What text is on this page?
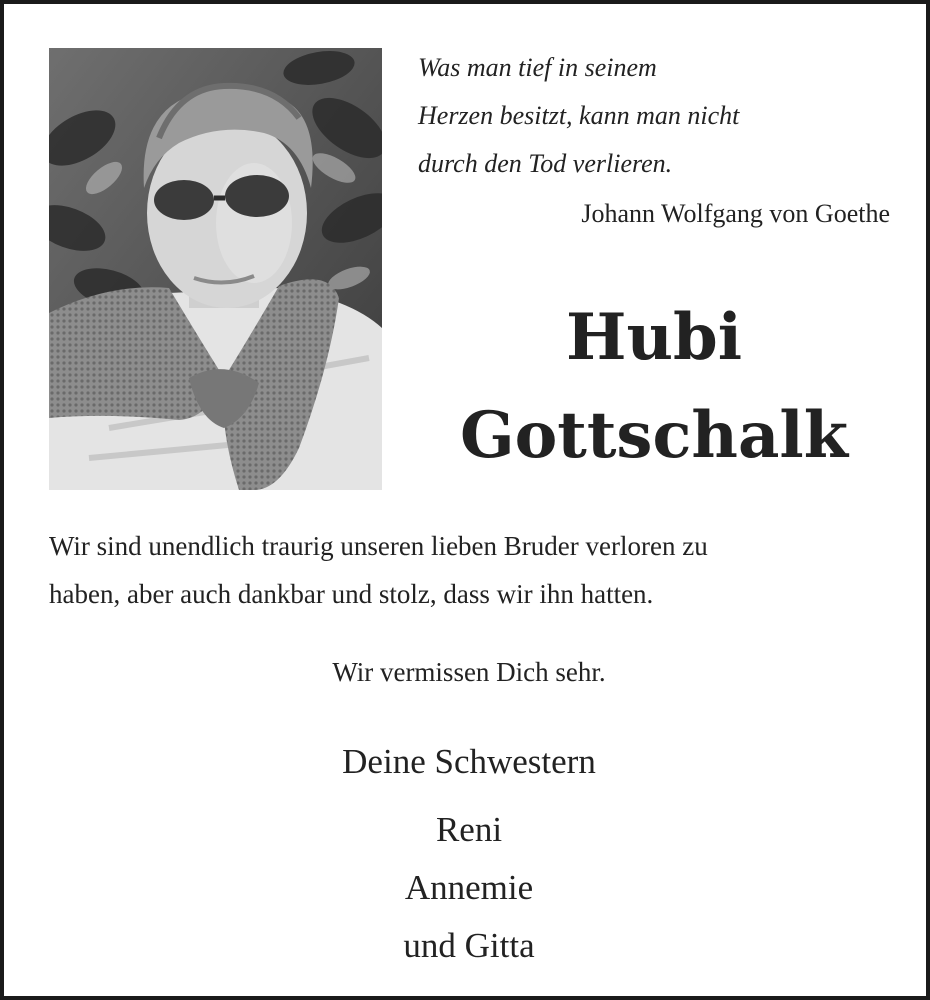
Was man tief in seinem
Herzen besitzt, kann man nicht
durch den Tod verlieren.
Johann Wolfgang von Goethe
Hubi
Gottschalk
Wir sind unendlich traurig unseren lieben Bruder verloren zu
haben, aber auch dankbar und stolz, dass wir ihn hatten.
Wir vermissen Dich sehr.
Deine Schwestern
Reni
Annemie
und Gitta
